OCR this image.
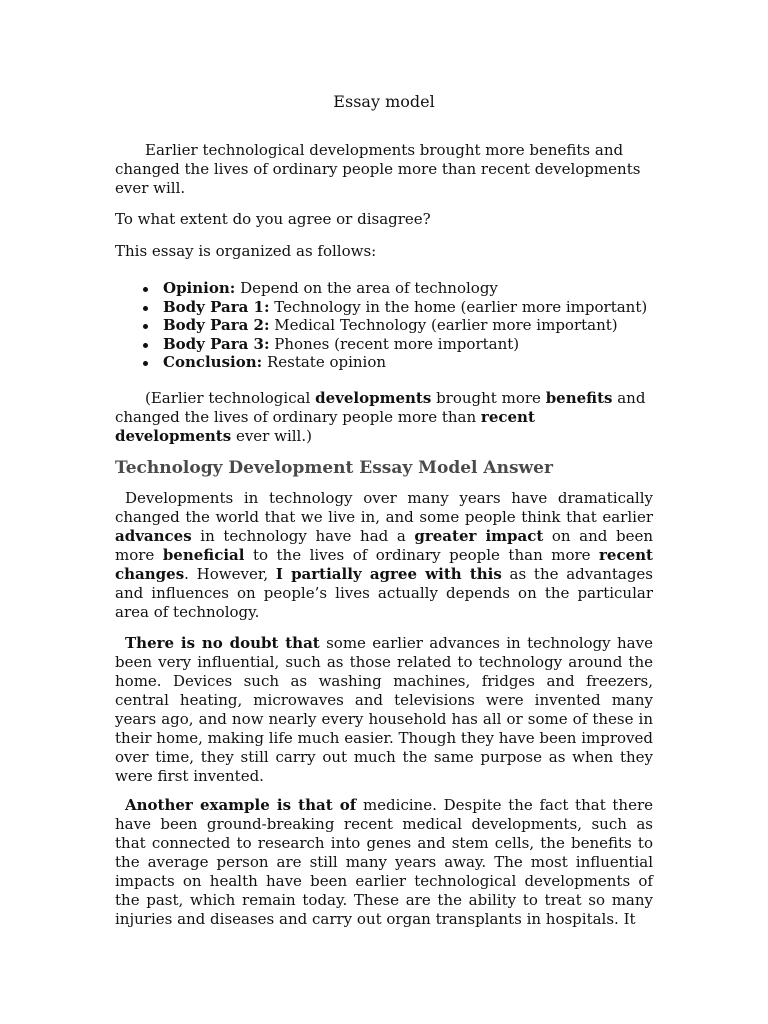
Essay model

Earlier technological developments brought more benefits and changed the lives of ordinary people more than recent developments ever will.

To what extent do you agree or disagree?

This essay is organized as follows:

Opinion: Depend on the area of technology
Body Para 1: Technology in the home (earlier more important)
Body Para 2: Medical Technology (earlier more important)
Body Para 3: Phones (recent more important)
Conclusion: Restate opinion

(Earlier technological developments brought more benefits and changed the lives of ordinary people more than recent developments ever will.)

Technology Development Essay Model Answer

Developments in technology over many years have dramatically changed the world that we live in, and some people think that earlier advances in technology have had a greater impact on and been more beneficial to the lives of ordinary people than more recent changes. However, I partially agree with this as the advantages and influences on people’s lives actually depends on the particular area of technology.

There is no doubt that some earlier advances in technology have been very influential, such as those related to technology around the home. Devices such as washing machines, fridges and freezers, central heating, microwaves and televisions were invented many years ago, and now nearly every household has all or some of these in their home, making life much easier. Though they have been improved over time, they still carry out much the same purpose as when they were first invented.

Another example is that of medicine. Despite the fact that there have been ground-breaking recent medical developments, such as that connected to research into genes and stem cells, the benefits to the average person are still many years away. The most influential impacts on health have been earlier technological developments of the past, which remain today. These are the ability to treat so many injuries and diseases and carry out organ transplants in hospitals. It
